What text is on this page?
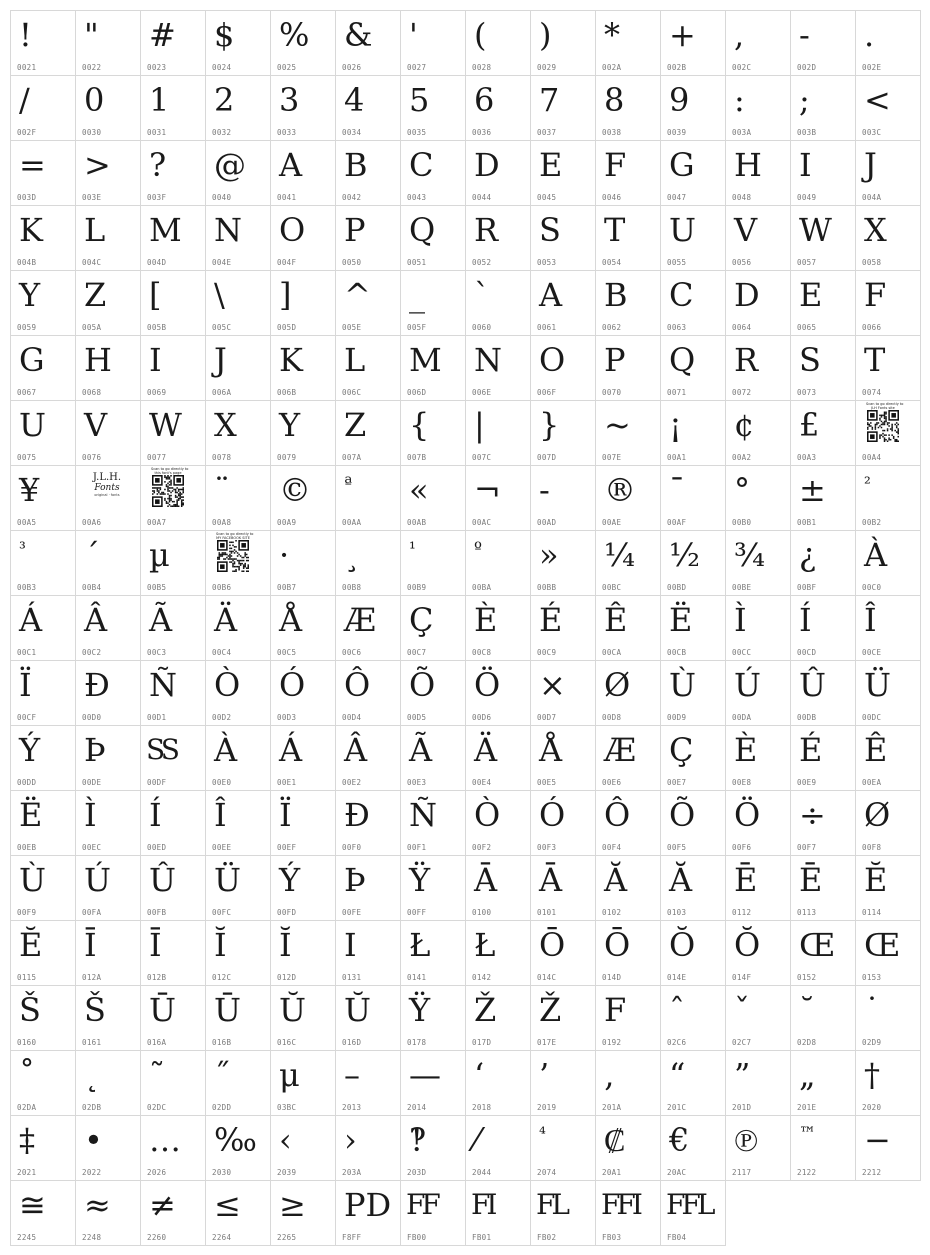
!
0021
"
0022
#
0023
$
0024
%
0025
&
0026
'
0027
(
0028
)
0029
*
002A
+
002B
,
002C
-
002D
.
002E
/
002F
0
0030
1
0031
2
0032
3
0033
4
0034
5
0035
6
0036
7
0037
8
0038
9
0039
:
003A
;
003B
<
003C
=
003D
>
003E
?
003F
@
0040
A
0041
B
0042
C
0043
D
0044
E
0045
F
0046
G
0047
H
0048
I
0049
J
004A
K
004B
L
004C
M
004D
N
004E
O
004F
P
0050
Q
0051
R
0052
S
0053
T
0054
U
0055
V
0056
W
0057
X
0058
Y
0059
Z
005A
[
005B
\
005C
]
005D
^
005E
_
005F
`
0060
A
0061
B
0062
C
0063
D
0064
E
0065
F
0066
G
0067
H
0068
I
0069
J
006A
K
006B
L
006C
M
006D
N
006E
O
006F
P
0070
Q
0071
R
0072
S
0073
T
0074
U
0075
V
0076
W
0077
X
0078
Y
0079
Z
007A
{
007B
|
007C
}
007D
~
007E
¡
00A1
¢
00A2
£
00A3
Scan to go directly to
JLH Fonts site
00A4
¥
00A5
J.L.H.
Fonts
original · fonts
00A6
Scan to go directly to
this font's page
00A7
¨
00A8
©
00A9
ª
00AA
«
00AB
¬
00AC
-
00AD
®
00AE
¯
00AF
°
00B0
±
00B1
²
00B2
³
00B3
´
00B4
µ
00B5
Scan to go directly to
MY FACEBOOK SITE
00B6
·
00B7
¸
00B8
¹
00B9
º
00BA
»
00BB
¼
00BC
½
00BD
¾
00BE
¿
00BF
À
00C0
Á
00C1
Â
00C2
Ã
00C3
Ä
00C4
Å
00C5
Æ
00C6
Ç
00C7
È
00C8
É
00C9
Ê
00CA
Ë
00CB
Ì
00CC
Í
00CD
Î
00CE
Ï
00CF
Đ
00D0
Ñ
00D1
Ò
00D2
Ó
00D3
Ô
00D4
Õ
00D5
Ö
00D6
×
00D7
Ø
00D8
Ù
00D9
Ú
00DA
Û
00DB
Ü
00DC
Ý
00DD
Þ
00DE
SS
00DF
À
00E0
Á
00E1
Â
00E2
Ã
00E3
Ä
00E4
Å
00E5
Æ
00E6
Ç
00E7
È
00E8
É
00E9
Ê
00EA
Ë
00EB
Ì
00EC
Í
00ED
Î
00EE
Ï
00EF
Đ
00F0
Ñ
00F1
Ò
00F2
Ó
00F3
Ô
00F4
Õ
00F5
Ö
00F6
÷
00F7
Ø
00F8
Ù
00F9
Ú
00FA
Û
00FB
Ü
00FC
Ý
00FD
Þ
00FE
Ÿ
00FF
Ā
0100
Ā
0101
Ă
0102
Ă
0103
Ē
0112
Ē
0113
Ĕ
0114
Ĕ
0115
Ī
012A
Ī
012B
Ĭ
012C
Ĭ
012D
I
0131
Ł
0141
Ł
0142
Ō
014C
Ō
014D
Ŏ
014E
Ŏ
014F
Œ
0152
Œ
0153
Š
0160
Š
0161
Ū
016A
Ū
016B
Ŭ
016C
Ŭ
016D
Ÿ
0178
Ž
017D
Ž
017E
F
0192
ˆ
02C6
ˇ
02C7
˘
02D8
˙
02D9
˚
02DA
˛
02DB
˜
02DC
˝
02DD
μ
03BC
–
2013
—
2014
‘
2018
’
2019
‚
201A
“
201C
”
201D
„
201E
†
2020
‡
2021
•
2022
…
2026
‰
2030
‹
2039
›
203A
‽
203D
⁄
2044
⁴
2074
₡
20A1
€
20AC
℗
2117
™
2122
−
2212
≅
2245
≈
2248
≠
2260
≤
2264
≥
2265
PD
F8FF
FF
FB00
FI
FB01
FL
FB02
FFI
FB03
FFL
FB04
